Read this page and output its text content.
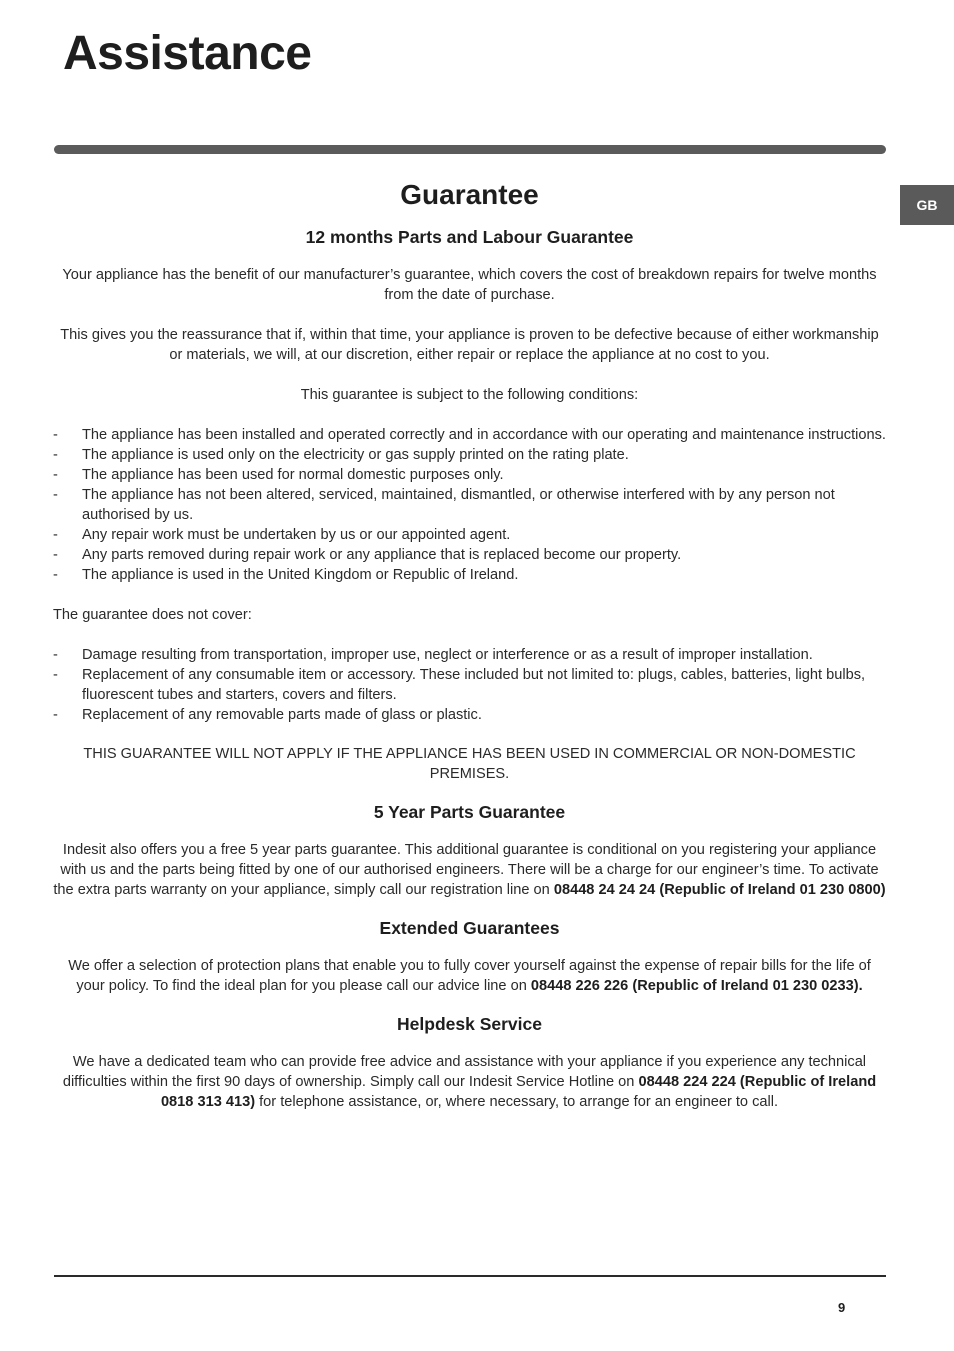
Assistance
GB
Guarantee
12 months Parts and Labour Guarantee

Your appliance has the benefit of our manufacturer’s guarantee, which covers the cost of breakdown repairs for twelve months from the date of purchase.

This gives you the reassurance that if, within that time, your appliance is proven to be defective because of either workmanship or materials, we will, at our discretion, either repair or replace the appliance at no cost to you.

This guarantee is subject to the following conditions:

- The appliance has been installed and operated correctly and in accordance with our operating and maintenance instructions.
- The appliance is used only on the electricity or gas supply printed on the rating plate.
- The appliance has been used for normal domestic purposes only.
- The appliance has not been altered, serviced, maintained, dismantled, or otherwise interfered with by any person not authorised by us.
- Any repair work must be undertaken by us or our appointed agent.
- Any parts removed during repair work or any appliance that is replaced become our property.
- The appliance is used in the United Kingdom or Republic of Ireland.

The guarantee does not cover:

- Damage resulting from transportation, improper use, neglect or interference or as a result of improper installation.
- Replacement of any consumable item or accessory. These included but not limited to: plugs, cables, batteries, light bulbs, fluorescent tubes and starters, covers and filters.
- Replacement of any removable parts made of glass or plastic.

THIS GUARANTEE WILL NOT APPLY IF THE APPLIANCE HAS BEEN USED IN COMMERCIAL OR NON-DOMESTIC PREMISES.

5 Year Parts Guarantee

Indesit also offers you a free 5 year parts guarantee. This additional guarantee is conditional on you registering your appliance with us and the parts being fitted by one of our authorised engineers. There will be a charge for our engineer’s time. To activate the extra parts warranty on your appliance, simply call our registration line on 08448 24 24 24 (Republic of Ireland 01 230 0800)

Extended Guarantees

We offer a selection of protection plans that enable you to fully cover yourself against the expense of repair bills for the life of your policy. To find the ideal plan for you please call our advice line on 08448 226 226 (Republic of Ireland 01 230 0233).

Helpdesk Service

We have a dedicated team who can provide free advice and assistance with your appliance if you experience any technical difficulties within the first 90 days of ownership. Simply call our Indesit Service Hotline on 08448 224 224 (Republic of Ireland 0818 313 413) for telephone assistance, or, where necessary, to arrange for an engineer to call.

9
